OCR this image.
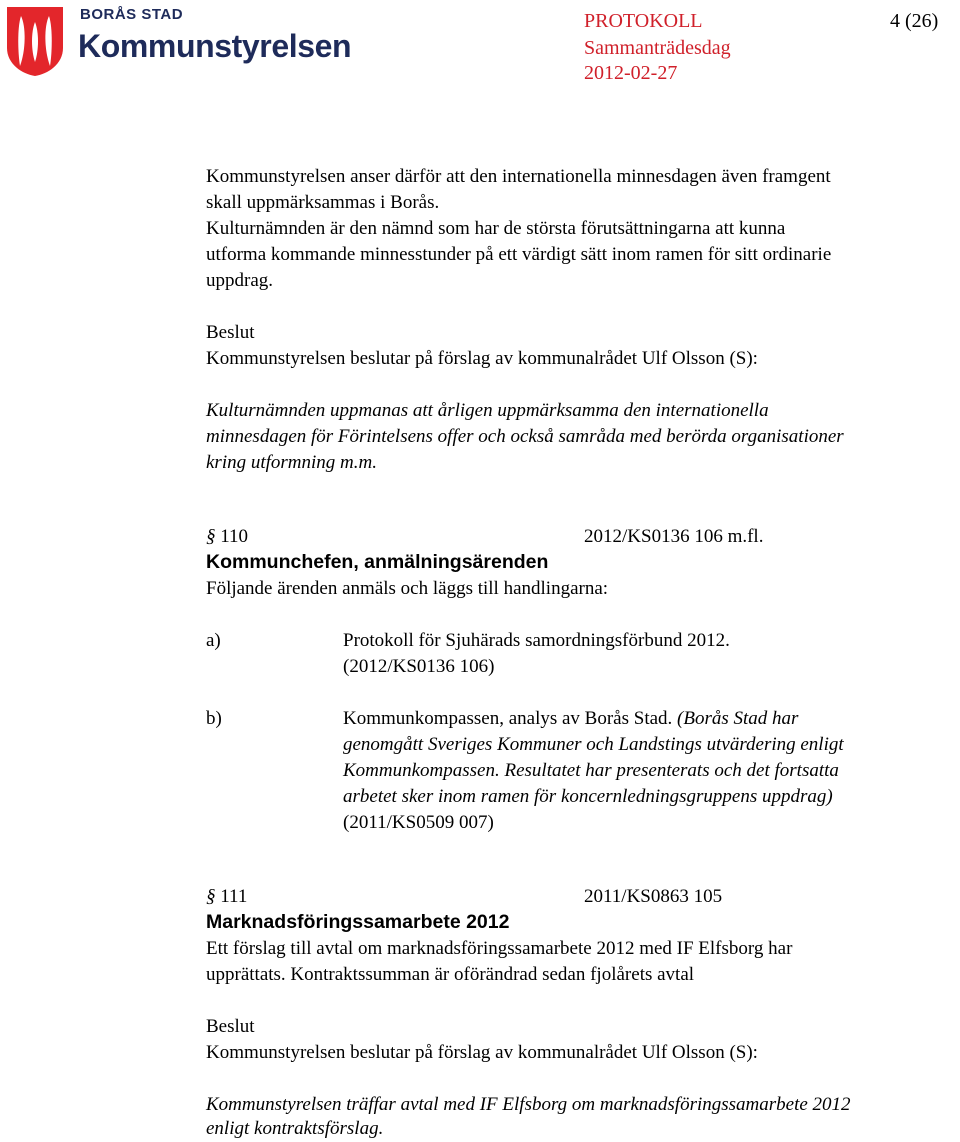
BORÅS STAD
Kommunstyrelsen
PROTOKOLL	4 (26)
Sammanträdesdag
2012-02-27
Kommunstyrelsen anser därför att den internationella minnesdagen även framgent
skall uppmärksammas i Borås.
Kulturnämnden är den nämnd som har de största förutsättningarna att kunna
utforma kommande minnesstunder på ett värdigt sätt inom ramen för sitt ordinarie
uppdrag.
Beslut
Kommunstyrelsen beslutar på förslag av kommunalrådet Ulf Olsson (S):
Kulturnämnden uppmanas att årligen uppmärksamma den internationella
minnesdagen för Förintelsens offer och också samråda med berörda organisationer
kring utformning m.m.
§ 110	2012/KS0136 106 m.fl.
Kommunchefen, anmälningsärenden
Följande ärenden anmäls och läggs till handlingarna:
a)	Protokoll för Sjuhärads samordningsförbund 2012.
(2012/KS0136 106)
b)	Kommunkompassen, analys av Borås Stad. (Borås Stad har
genomgått Sveriges Kommuner och Landstings utvärdering enligt
Kommunkompassen. Resultatet har presenterats och det fortsatta
arbetet sker inom ramen för koncernledningsgruppens uppdrag)
(2011/KS0509 007)
§ 111	2011/KS0863 105
Marknadsföringssamarbete 2012
Ett förslag till avtal om marknadsföringssamarbete 2012 med IF Elfsborg har
upprättats. Kontraktssumman är oförändrad sedan fjolårets avtal
Beslut
Kommunstyrelsen beslutar på förslag av kommunalrådet Ulf Olsson (S):
Kommunstyrelsen träffar avtal med IF Elfsborg om marknadsföringssamarbete 2012
enligt kontraktsförslag.
